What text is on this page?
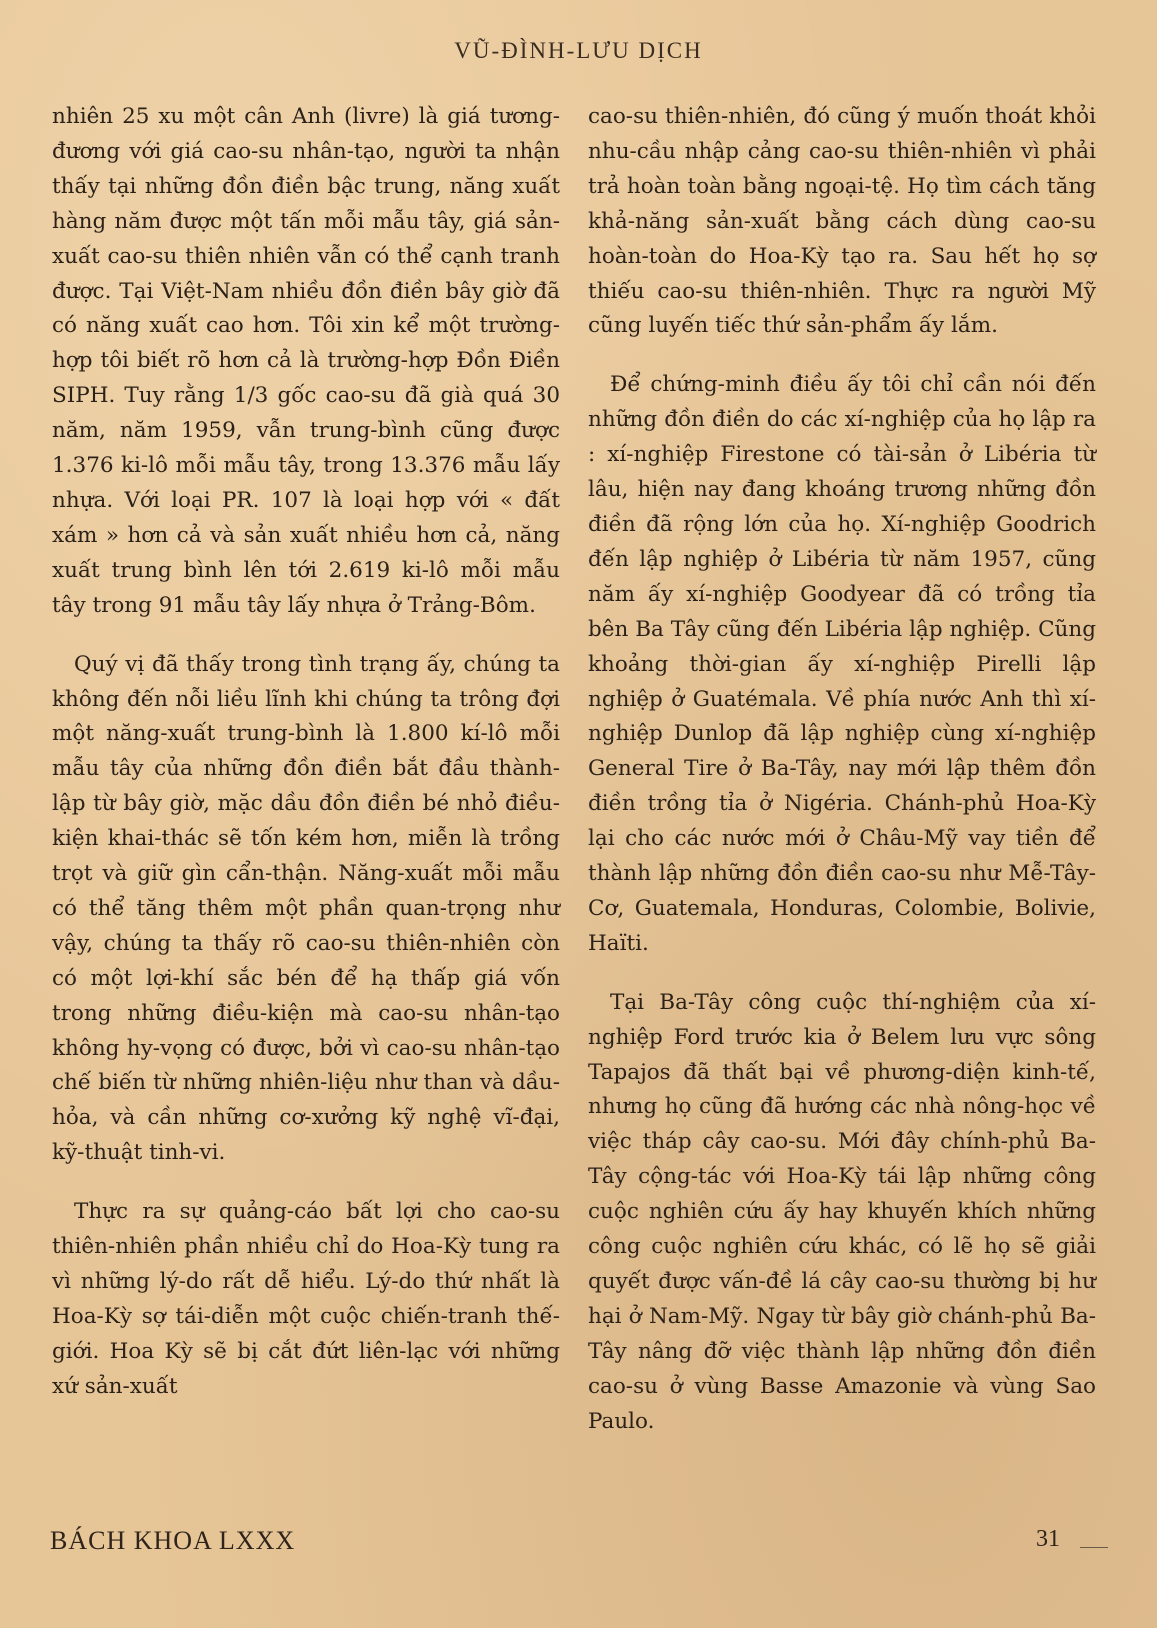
VŨ-ĐÌNH-LƯU DỊCH

nhiên 25 xu một cân Anh (livre) là giá tương-đương với giá cao-su nhân-tạo, người ta nhận thấy tại những đồn điền bậc trung, năng xuất hàng năm được một tấn mỗi mẫu tây, giá sản-xuất cao-su thiên nhiên vẫn có thể cạnh tranh được. Tại Việt-Nam nhiều đồn điền bây giờ đã có năng xuất cao hơn. Tôi xin kể một trường-hợp tôi biết rõ hơn cả là trường-hợp Đồn Điền SIPH. Tuy rằng 1/3 gốc cao-su đã già quá 30 năm, năm 1959, vẫn trung-bình cũng được 1.376 ki-lô mỗi mẫu tây, trong 13.376 mẫu lấy nhựa. Với loại PR. 107 là loại hợp với « đất xám » hơn cả và sản xuất nhiều hơn cả, năng xuất trung bình lên tới 2.619 ki-lô mỗi mẫu tây trong 91 mẫu tây lấy nhựa ở Trảng-Bôm.

Quý vị đã thấy trong tình trạng ấy, chúng ta không đến nỗi liều lĩnh khi chúng ta trông đợi một năng-xuất trung-bình là 1.800 kí-lô mỗi mẫu tây của những đồn điền bắt đầu thành-lập từ bây giờ, mặc dầu đồn điền bé nhỏ điều-kiện khai-thác sẽ tốn kém hơn, miễn là trồng trọt và giữ gìn cẩn-thận. Năng-xuất mỗi mẫu có thể tăng thêm một phần quan-trọng như vậy, chúng ta thấy rõ cao-su thiên-nhiên còn có một lợi-khí sắc bén để hạ thấp giá vốn trong những điều-kiện mà cao-su nhân-tạo không hy-vọng có được, bởi vì cao-su nhân-tạo chế biến từ những nhiên-liệu như than và dầu-hỏa, và cần những cơ-xưởng kỹ nghệ vĩ-đại, kỹ-thuật tinh-vi.

Thực ra sự quảng-cáo bất lợi cho cao-su thiên-nhiên phần nhiều chỉ do Hoa-Kỳ tung ra vì những lý-do rất dễ hiểu. Lý-do thứ nhất là Hoa-Kỳ sợ tái-diễn một cuộc chiến-tranh thế-giới. Hoa Kỳ sẽ bị cắt đứt liên-lạc với những xứ sản-xuất

cao-su thiên-nhiên, đó cũng ý muốn thoát khỏi nhu-cầu nhập cảng cao-su thiên-nhiên vì phải trả hoàn toàn bằng ngoại-tệ. Họ tìm cách tăng khả-năng sản-xuất bằng cách dùng cao-su hoàn-toàn do Hoa-Kỳ tạo ra. Sau hết họ sợ thiếu cao-su thiên-nhiên. Thực ra người Mỹ cũng luyến tiếc thứ sản-phẩm ấy lắm.

Để chứng-minh điều ấy tôi chỉ cần nói đến những đồn điền do các xí-nghiệp của họ lập ra : xí-nghiệp Firestone có tài-sản ở Libéria từ lâu, hiện nay đang khoáng trương những đồn điền đã rộng lớn của họ. Xí-nghiệp Goodrich đến lập nghiệp ở Libéria từ năm 1957, cũng năm ấy xí-nghiệp Goodyear đã có trồng tỉa bên Ba Tây cũng đến Libéria lập nghiệp. Cũng khoảng thời-gian ấy xí-nghiệp Pirelli lập nghiệp ở Guatémala. Về phía nước Anh thì xí-nghiệp Dunlop đã lập nghiệp cùng xí-nghiệp General Tire ở Ba-Tây, nay mới lập thêm đồn điền trồng tỉa ở Nigéria. Chánh-phủ Hoa-Kỳ lại cho các nước mới ở Châu-Mỹ vay tiền để thành lập những đồn điền cao-su như Mễ-Tây-Cơ, Guatemala, Honduras, Colombie, Bolivie, Haïti.

Tại Ba-Tây công cuộc thí-nghiệm của xí-nghiệp Ford trước kia ở Belem lưu vực sông Tapajos đã thất bại về phương-diện kinh-tế, nhưng họ cũng đã hướng các nhà nông-học về việc tháp cây cao-su. Mới đây chính-phủ Ba-Tây cộng-tác với Hoa-Kỳ tái lập những công cuộc nghiên cứu ấy hay khuyến khích những công cuộc nghiên cứu khác, có lẽ họ sẽ giải quyết được vấn-đề lá cây cao-su thường bị hư hại ở Nam-Mỹ. Ngay từ bây giờ chánh-phủ Ba-Tây nâng đỡ việc thành lập những đồn điền cao-su ở vùng Basse Amazonie và vùng Sao Paulo.

BÁCH KHOA LXXX	31
